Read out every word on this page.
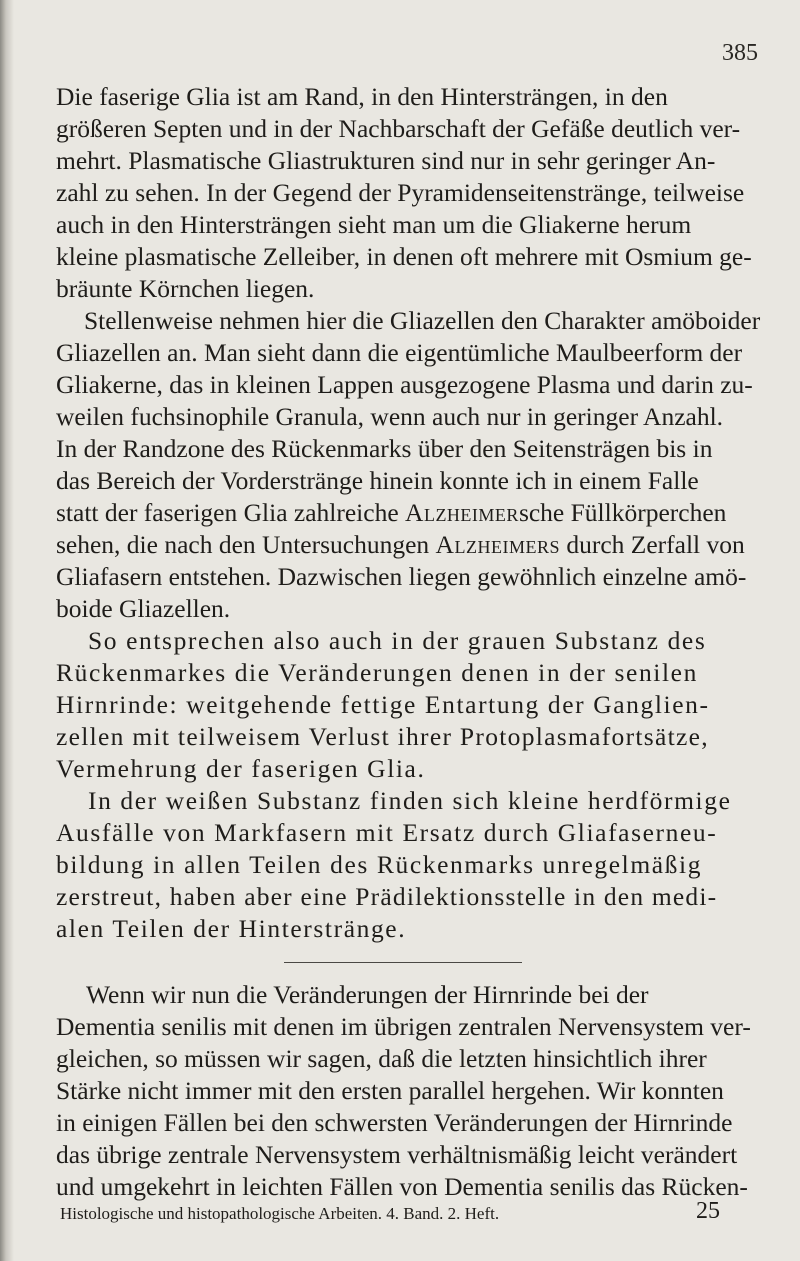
385
Die faserige Glia ist am Rand, in den Hintersträngen, in den
größeren Septen und in der Nachbarschaft der Gefäße deutlich ver-
mehrt. Plasmatische Gliastrukturen sind nur in sehr geringer An-
zahl zu sehen. In der Gegend der Pyramidenseitenstränge, teilweise
auch in den Hintersträngen sieht man um die Gliakerne herum
kleine plasmatische Zelleiber, in denen oft mehrere mit Osmium ge-
bräunte Körnchen liegen.
Stellenweise nehmen hier die Gliazellen den Charakter amöboider
Gliazellen an. Man sieht dann die eigentümliche Maulbeerform der
Gliakerne, das in kleinen Lappen ausgezogene Plasma und darin zu-
weilen fuchsinophile Granula, wenn auch nur in geringer Anzahl.
In der Randzone des Rückenmarks über den Seitensträgen bis in
das Bereich der Vorderstränge hinein konnte ich in einem Falle
statt der faserigen Glia zahlreiche Alzheimersche Füllkörperchen
sehen, die nach den Untersuchungen Alzheimers durch Zerfall von
Gliafasern entstehen. Dazwischen liegen gewöhnlich einzelne amö-
boide Gliazellen.
So entsprechen also auch in der grauen Substanz des
Rückenmarkes die Veränderungen denen in der senilen
Hirnrinde: weitgehende fettige Entartung der Ganglien-
zellen mit teilweisem Verlust ihrer Protoplasmafortsätze,
Vermehrung der faserigen Glia.
In der weißen Substanz finden sich kleine herdförmige
Ausfälle von Markfasern mit Ersatz durch Gliafaserneu-
bildung in allen Teilen des Rückenmarks unregelmäßig
zerstreut, haben aber eine Prädilektionsstelle in den medi-
alen Teilen der Hinterstränge.
Wenn wir nun die Veränderungen der Hirnrinde bei der
Dementia senilis mit denen im übrigen zentralen Nervensystem ver-
gleichen, so müssen wir sagen, daß die letzten hinsichtlich ihrer
Stärke nicht immer mit den ersten parallel hergehen. Wir konnten
in einigen Fällen bei den schwersten Veränderungen der Hirnrinde
das übrige zentrale Nervensystem verhältnismäßig leicht verändert
und umgekehrt in leichten Fällen von Dementia senilis das Rücken-
Histologische und histopathologische Arbeiten. 4. Band. 2. Heft.	25
